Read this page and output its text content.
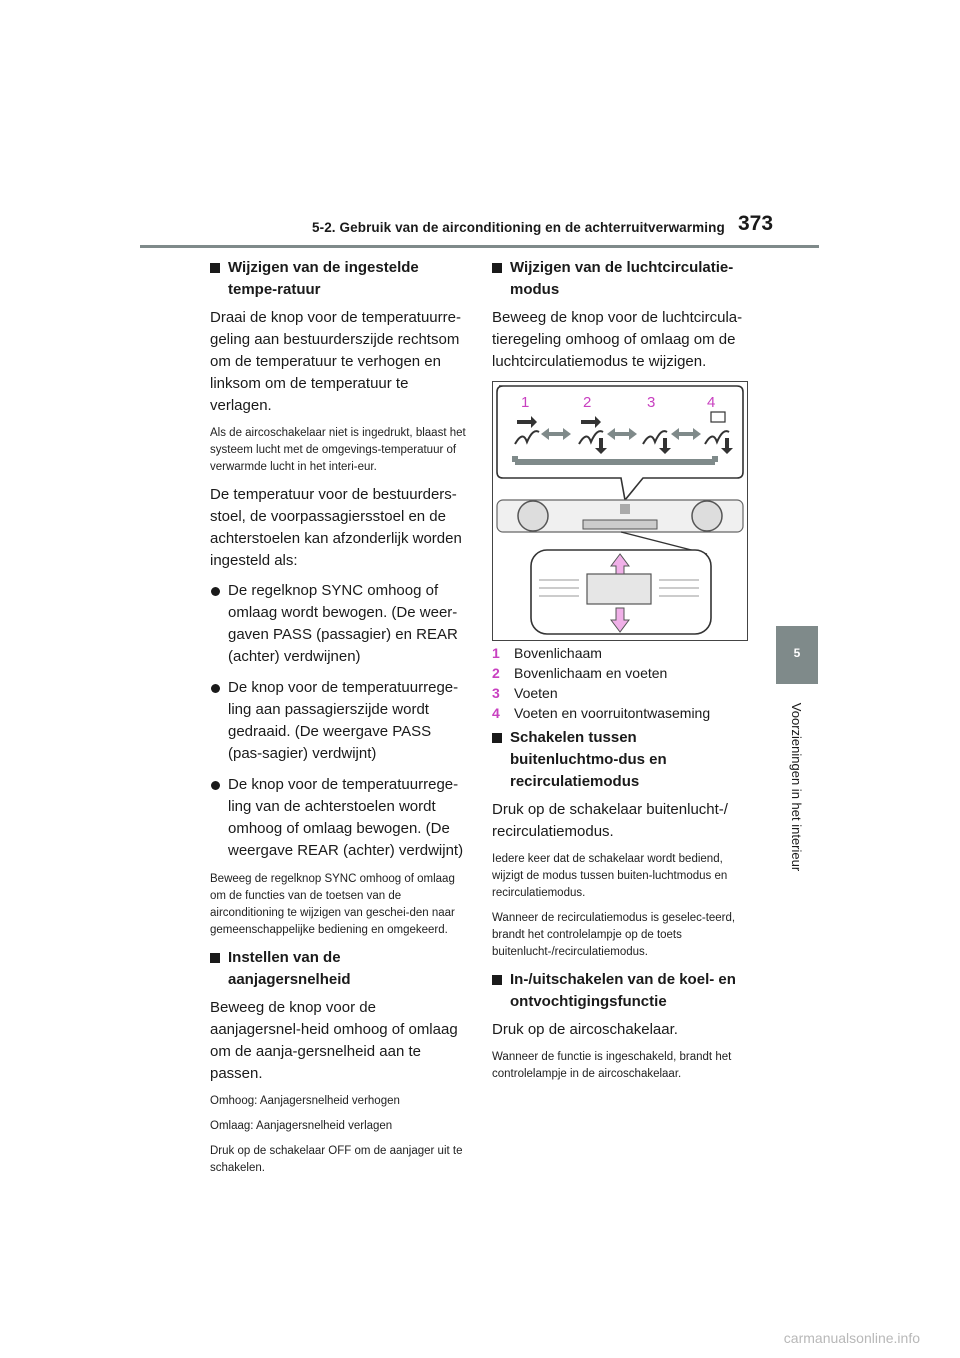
5-2. Gebruik van de airconditioning en de achterruitverwarming 373
5
Voorzieningen in het interieur
Wijzigen van de ingestelde tempe-ratuur
Draai de knop voor de temperatuurre-geling aan bestuurderszijde rechtsom om de temperatuur te verhogen en linksom om de temperatuur te verlagen.
Als de aircoschakelaar niet is ingedrukt, blaast het systeem lucht met de omgevings-temperatuur of verwarmde lucht in het interi-eur.
De temperatuur voor de bestuurders-stoel, de voorpassagiersstoel en de achterstoelen kan afzonderlijk worden ingesteld als:
De regelknop SYNC omhoog of omlaag wordt bewogen. (De weer-gaven PASS (passagier) en REAR (achter) verdwijnen)
De knop voor de temperatuurrege-ling aan passagierszijde wordt gedraaid. (De weergave PASS (pas-sagier) verdwijnt)
De knop voor de temperatuurrege-ling van de achterstoelen wordt omhoog of omlaag bewogen. (De weergave REAR (achter) verdwijnt)
Beweeg de regelknop SYNC omhoog of omlaag om de functies van de toetsen van de airconditioning te wijzigen van geschei-den naar gemeenschappelijke bediening en omgekeerd.
Instellen van de aanjagersnelheid
Beweeg de knop voor de aanjagersnel-heid omhoog of omlaag om de aanja-gersnelheid aan te passen.
Omhoog: Aanjagersnelheid verhogen
Omlaag: Aanjagersnelheid verlagen
Druk op de schakelaar OFF om de aanjager uit te schakelen.
Wijzigen van de luchtcirculatie-modus
Beweeg de knop voor de luchtcircula-tieregeling omhoog of omlaag om de luchtcirculatiemodus te wijzigen.
1	2	3	4
1	Bovenlichaam
2	Bovenlichaam en voeten
3	Voeten
4	Voeten en voorruitontwaseming
Schakelen tussen buitenluchtmo-dus en recirculatiemodus
Druk op de schakelaar buitenlucht-/ recirculatiemodus.
Iedere keer dat de schakelaar wordt bediend, wijzigt de modus tussen buiten-luchtmodus en recirculatiemodus.
Wanneer de recirculatiemodus is geselec-teerd, brandt het controlelampje op de toets buitenlucht-/recirculatiemodus.
In-/uitschakelen van de koel- en ontvochtigingsfunctie
Druk op de aircoschakelaar.
Wanneer de functie is ingeschakeld, brandt het controlelampje in de aircoschakelaar.
carmanualsonline.info
